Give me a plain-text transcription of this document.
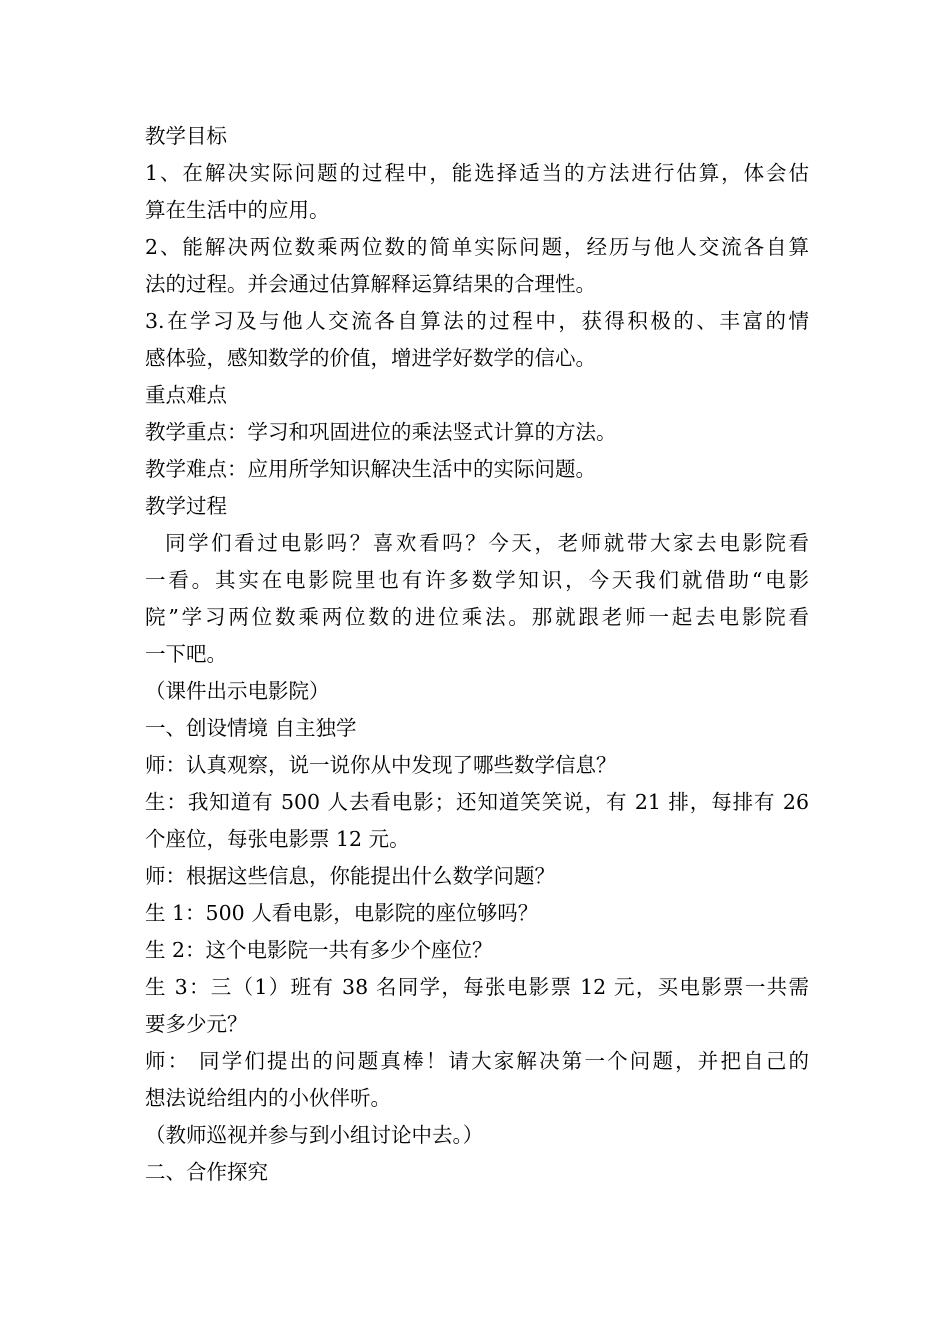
教学目标
1、在解决实际问题的过程中，能选择适当的方法进行估算，体会估
算在生活中的应用。
2、能解决两位数乘两位数的简单实际问题，经历与他人交流各自算
法的过程。并会通过估算解释运算结果的合理性。
3.在学习及与他人交流各自算法的过程中，获得积极的、丰富的情
感体验，感知数学的价值，增进学好数学的信心。
重点难点
教学重点：学习和巩固进位的乘法竖式计算的方法。
教学难点：应用所学知识解决生活中的实际问题。
教学过程
同学们看过电影吗？喜欢看吗？今天，老师就带大家去电影院看
一看。其实在电影院里也有许多数学知识，今天我们就借助“电影
院”学习两位数乘两位数的进位乘法。那就跟老师一起去电影院看
一下吧。
（课件出示电影院）
一、创设情境 自主独学
师：认真观察，说一说你从中发现了哪些数学信息？
生：我知道有 500 人去看电影；还知道笑笑说，有 21 排，每排有 26
个座位，每张电影票 12 元。
师：根据这些信息，你能提出什么数学问题？
生 1：500 人看电影，电影院的座位够吗？
生 2：这个电影院一共有多少个座位？
生 3：三（1）班有 38 名同学，每张电影票 12 元，买电影票一共需
要多少元？
师： 同学们提出的问题真棒！请大家解决第一个问题，并把自己的
想法说给组内的小伙伴听。
（教师巡视并参与到小组讨论中去。）
二、合作探究
